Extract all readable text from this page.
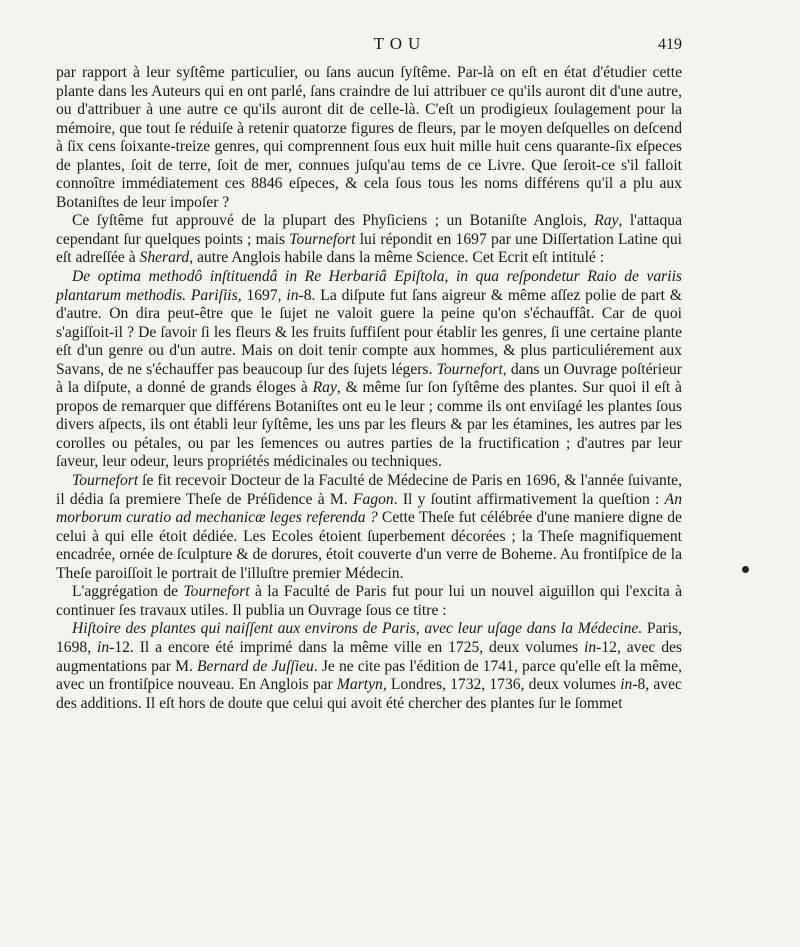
TOU	419

par rapport à leur syſtême particulier, ou ſans aucun ſyſtême. Par-là on eſt en état d'étudier cette plante dans les Auteurs qui en ont parlé, ſans craindre de lui attribuer ce qu'ils auront dit d'une autre, ou d'attribuer à une autre ce qu'ils auront dit de celle-là. C'eſt un prodigieux ſoulagement pour la mémoire, que tout ſe réduiſe à retenir quatorze figures de fleurs, par le moyen deſquelles on deſcend à ſix cens ſoixante-treize genres, qui comprennent ſous eux huit mille huit cens quarante-ſix eſpeces de plantes, ſoit de terre, ſoit de mer, connues juſqu'au tems de ce Livre. Que ſeroit-ce s'il falloit connoître immédiatement ces 8846 eſpeces, & cela ſous tous les noms différens qu'il a plu aux Botaniſtes de leur impoſer ?

Ce ſyſtême fut approuvé de la plupart des Phyſiciens ; un Botaniſte Anglois, Ray, l'attaqua cependant ſur quelques points ; mais Tournefort lui répondit en 1697 par une Diſſertation Latine qui eſt adreſſée à Sherard, autre Anglois habile dans la même Science. Cet Ecrit eſt intitulé :

De optima methodô inſtituendâ in Re Herbariâ Epiſtola, in qua reſpondetur Raio de variis plantarum methodis. Pariſiis, 1697, in-8. La diſpute fut ſans aigreur & même aſſez polie de part & d'autre. On dira peut-être que le ſujet ne valoit guere la peine qu'on s'échauffât. Car de quoi s'agiſſoit-il ? De ſavoir ſi les fleurs & les fruits ſuffiſent pour établir les genres, ſi une certaine plante eſt d'un genre ou d'un autre. Mais on doit tenir compte aux hommes, & plus particuliérement aux Savans, de ne s'échauffer pas beaucoup ſur des ſujets légers. Tournefort, dans un Ouvrage poſtérieur à la diſpute, a donné de grands éloges à Ray, & même ſur ſon ſyſtême des plantes. Sur quoi il eſt à propos de remarquer que différens Botaniſtes ont eu le leur ; comme ils ont enviſagé les plantes ſous divers aſpects, ils ont établi leur ſyſtême, les uns par les fleurs & par les étamines, les autres par les corolles ou pétales, ou par les ſemences ou autres parties de la fructification ; d'autres par leur ſaveur, leur odeur, leurs propriétés médicinales ou techniques.

Tournefort ſe fit recevoir Docteur de la Faculté de Médecine de Paris en 1696, & l'année ſuivante, il dédia ſa premiere Theſe de Préſidence à M. Fagon. Il y ſoutint affirmativement la queſtion : An morborum curatio ad mechanicæ leges referenda ? Cette Theſe fut célébrée d'une maniere digne de celui à qui elle étoit dédiée. Les Ecoles étoient ſuperbement décorées ; la Theſe magnifiquement encadrée, ornée de ſculpture & de dorures, étoit couverte d'un verre de Boheme. Au frontiſpice de la Theſe paroiſſoit le portrait de l'illuſtre premier Médecin.

L'aggrégation de Tournefort à la Faculté de Paris fut pour lui un nouvel aiguillon qui l'excita à continuer ſes travaux utiles. Il publia un Ouvrage ſous ce titre :

Hiſtoire des plantes qui naiſſent aux environs de Paris, avec leur uſage dans la Médecine. Paris, 1698, in-12. Il a encore été imprimé dans la même ville en 1725, deux volumes in-12, avec des augmentations par M. Bernard de Juſſieu. Je ne cite pas l'édition de 1741, parce qu'elle eſt la même, avec un frontiſpice nouveau. En Anglois par Martyn, Londres, 1732, 1736, deux volumes in-8, avec des additions. Il eſt hors de doute que celui qui avoit été chercher des plantes ſur le ſommet
